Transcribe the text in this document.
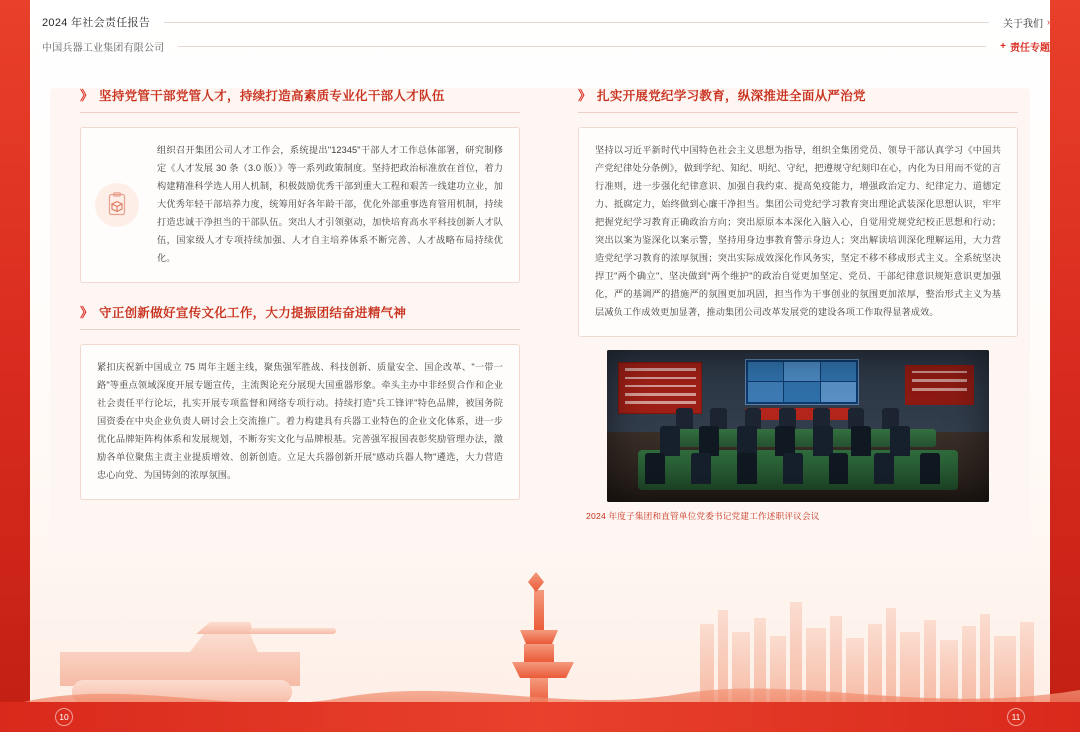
2024 年社会责任报告	关于我们 ›
中国兵器工业集团有限公司	+ 责任专题
》 坚持党管干部党管人才，持续打造高素质专业化干部人才队伍
组织召开集团公司人才工作会，系统提出"12345"干部人才工作总体部署，研究制修定《人才发展 30 条（3.0 版）》等一系列政策制度。坚持把政治标准放在首位，着力构建精准科学选人用人机制，积极鼓励优秀干部到重大工程和艰苦一线建功立业，加大优秀年轻干部培养力度，统筹用好各年龄干部，优化外部重事选育管用机制，持续打造忠诚干净担当的干部队伍。突出人才引领驱动，加快培育高水平科技创新人才队伍，国家级人才专项持续加强、人才自主培养体系不断完善、人才战略布局持续优化。
》 守正创新做好宣传文化工作，大力提振团结奋进精气神
紧扣庆祝新中国成立 75 周年主题主线，聚焦强军胜战、科技创新、质量安全、国企改革、"一带一路"等重点领域深度开展专题宣传，主流舆论充分展现大国重器形象。牵头主办中非经贸合作和企业社会责任平行论坛，扎实开展专项监督和网络专项行动。持续打造"兵工锋评"特色品牌，被国务院国资委在中央企业负责人研讨会上交流推广。着力构建具有兵器工业特色的企业文化体系，进一步优化品牌矩阵构体系和发展规划，不断夯实文化与品牌根基。完善强军报国表彰奖励管理办法，激励各单位聚焦主责主业提质增效、创新创造。立足大兵器创新开展"感动兵器人物"遴选，大力营造忠心向党、为国铸剑的浓厚氛围。
》 扎实开展党纪学习教育，纵深推进全面从严治党
坚持以习近平新时代中国特色社会主义思想为指导，组织全集团党员、领导干部认真学习《中国共产党纪律处分条例》，做到学纪、知纪、明纪、守纪，把遵规守纪刻印在心，内化为日用而不觉的言行准则，进一步强化纪律意识、加强自我约束、提高免疫能力，增强政治定力、纪律定力、道德定力、抵腐定力，始终做到心廉干净担当。集团公司党纪学习教育突出理论武装深化思想认识，牢牢把握党纪学习教育正确政治方向；突出原原本本深化入脑入心，自觉用党规党纪校正思想和行动；突出以案为鉴深化以案示警，坚持用身边事教育警示身边人；突出解读培训深化理解运用，大力营造党纪学习教育的浓厚氛围；突出实际成效深化作风务实，坚定不移不移成形式主义。全系统坚决捍卫"两个确立"、坚决做到"两个维护"的政治自觉更加坚定、党员、干部纪律意识规矩意识更加强化，严的基调严的措施严的氛围更加巩固，担当作为干事创业的氛围更加浓厚，整治形式主义为基层减负工作成效更加显著，推动集团公司改革发展党的建设各项工作取得显著成效。
2024 年度子集团和直管单位党委书记党建工作述职评议会议
10	11
